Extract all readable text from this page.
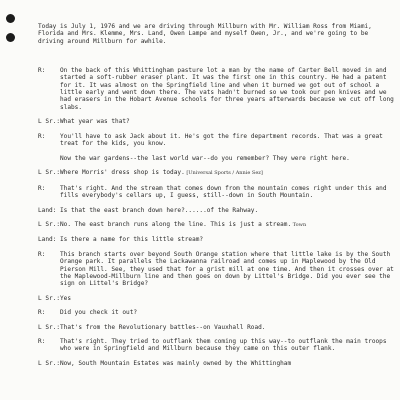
Today is July 1, 1976 and we are driving through Millburn with Mr. William Ross from Miami, Florida and Mrs. Klemme, Mrs. Land, Owen Lampe and myself Owen, Jr., and we're going to be driving around Millburn for awhile.

R:	On the back of this Whittingham pasture lot a man by the name of Carter Bell moved in and started a soft-rubber eraser plant. It was the first one in this country. He had a patent for it. It was almost on the Springfield line and when it burned we got out of school a little early and went down there. The vats hadn't burned so we took our pen knives and we had erasers in the Hobart Avenue schools for three years afterwards because we cut off long slabs.
L Sr.: What year was that?
R:	You'll have to ask Jack about it. He's got the fire department records. That was a great treat for the kids, you know.

Now the war gardens--the last world war--do you remember? They were right here.
L Sr.: Where Morris' dress shop is today. [Universal Sports / Annie Sez]
R:	That's right. And the stream that comes down from the mountain comes right under this and fills everybody's cellars up, I guess, still--down in South Mountain.
Land: Is that the east branch down here?......of the Rahway.
L Sr.: No. The east branch runs along the line. This is just a stream. Town
Land: Is there a name for this little stream?
R:	This branch starts over beyond South Orange station where that little lake is by the South Orange park. It parallels the Lackawanna railroad and comes up in Maplewood by the Old Pierson Mill. See, they used that for a grist mill at one time. And then it crosses over at the Maplewood-Millburn line and then goes on down by Littel's Bridge. Did you ever see the sign on Littel's Bridge?
L Sr.: Yes
R:	Did you check it out?
L Sr.: That's from the Revolutionary battles--on Vauxhall Road.
R:	That's right. They tried to outflank them coming up this way--to outflank the main troops who were in Springfield and Millburn because they came on this outer flank.
L Sr.: Now, South Mountain Estates was mainly owned by the Whittingham
